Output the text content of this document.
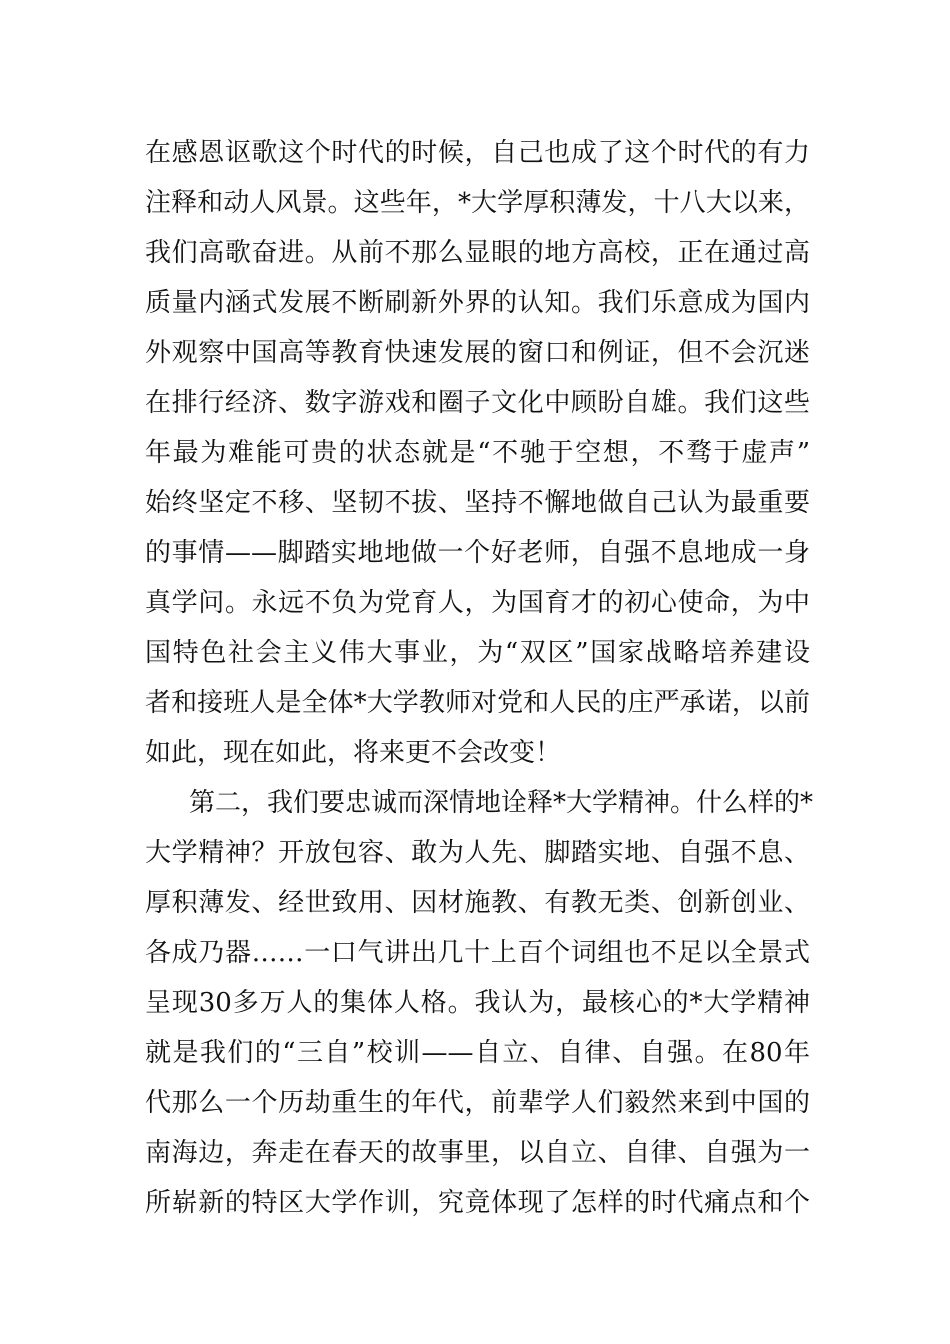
在感恩讴歌这个时代的时候，自己也成了这个时代的有力
注释和动人风景。这些年，*大学厚积薄发，十八大以来，
我们高歌奋进。从前不那么显眼的地方高校，正在通过高
质量内涵式发展不断刷新外界的认知。我们乐意成为国内
外观察中国高等教育快速发展的窗口和例证，但不会沉迷
在排行经济、数字游戏和圈子文化中顾盼自雄。我们这些
年最为难能可贵的状态就是“不驰于空想，不骛于虚声”
始终坚定不移、坚韧不拔、坚持不懈地做自己认为最重要
的事情——脚踏实地地做一个好老师，自强不息地成一身
真学问。永远不负为党育人，为国育才的初心使命，为中
国特色社会主义伟大事业，为“双区”国家战略培养建设
者和接班人是全体*大学教师对党和人民的庄严承诺，以前
如此，现在如此，将来更不会改变！
第二，我们要忠诚而深情地诠释*大学精神。什么样的*
大学精神？开放包容、敢为人先、脚踏实地、自强不息、
厚积薄发、经世致用、因材施教、有教无类、创新创业、
各成乃器……一口气讲出几十上百个词组也不足以全景式
呈现30多万人的集体人格。我认为，最核心的*大学精神
就是我们的“三自”校训——自立、自律、自强。在80年
代那么一个历劫重生的年代，前辈学人们毅然来到中国的
南海边，奔走在春天的故事里，以自立、自律、自强为一
所崭新的特区大学作训，究竟体现了怎样的时代痛点和个
